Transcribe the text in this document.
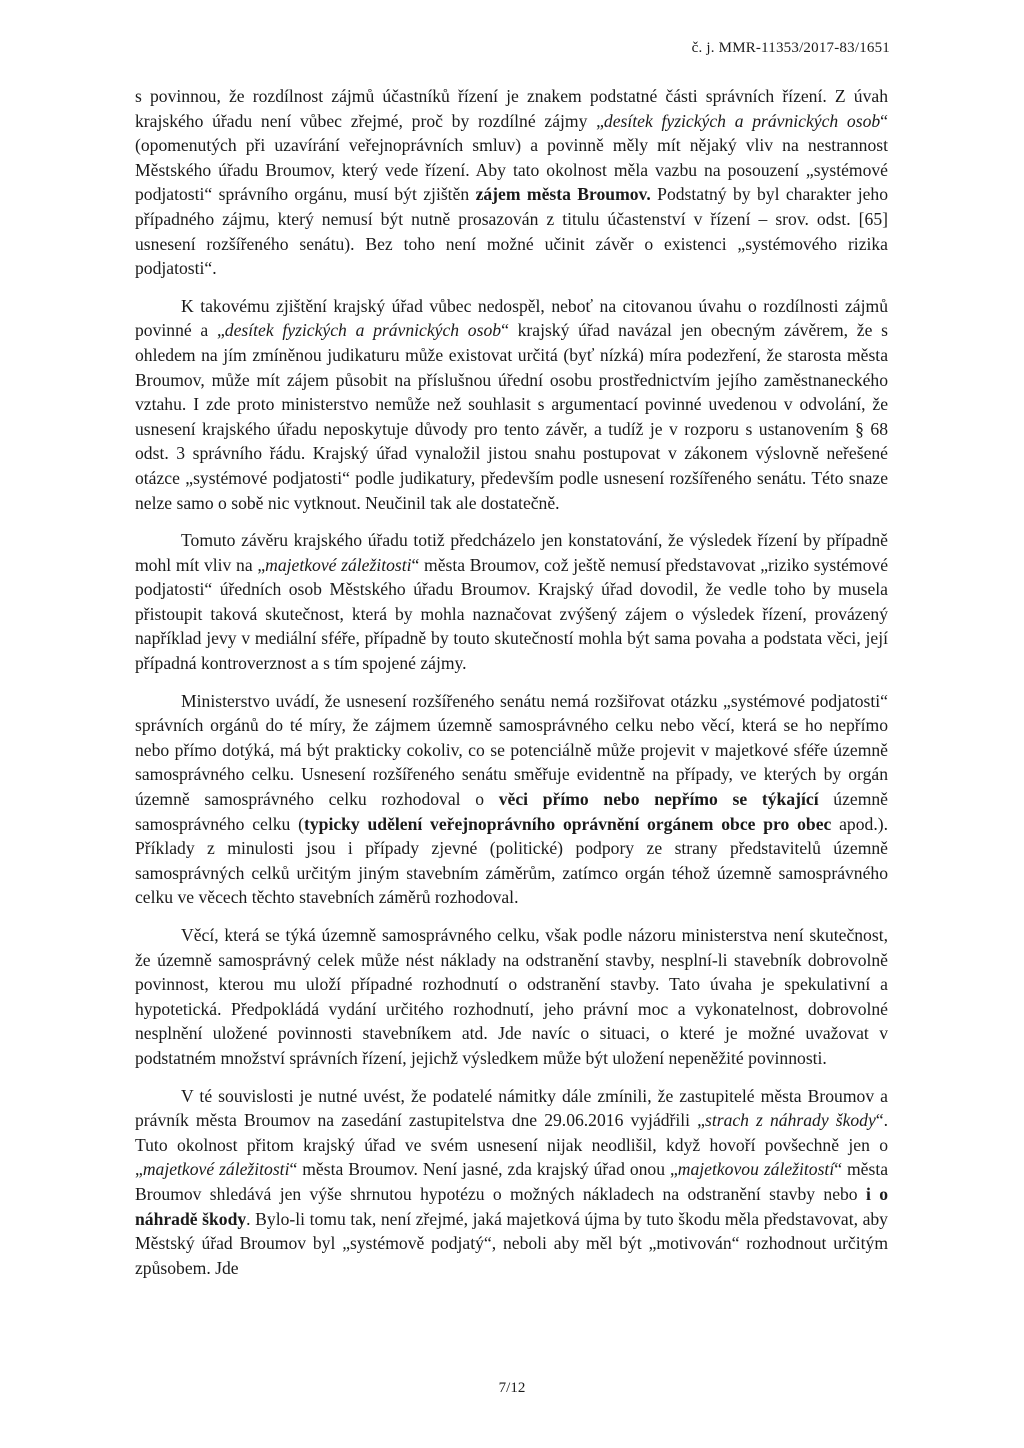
č. j. MMR-11353/2017-83/1651

s povinnou, že rozdílnost zájmů účastníků řízení je znakem podstatné části správních řízení. Z úvah krajského úřadu není vůbec zřejmé, proč by rozdílné zájmy „desítek fyzických a právnických osob“ (opomenutých při uzavírání veřejnoprávních smluv) a povinně měly mít nějaký vliv na nestrannost Městského úřadu Broumov, který vede řízení. Aby tato okolnost měla vazbu na posouzení „systémové podjatosti“ správního orgánu, musí být zjištěn zájem města Broumov. Podstatný by byl charakter jeho případného zájmu, který nemusí být nutně prosazován z titulu účastenství v řízení – srov. odst. [65] usnesení rozšířeného senátu). Bez toho není možné učinit závěr o existenci „systémového rizika podjatosti“.

K takovému zjištění krajský úřad vůbec nedospěl, neboť na citovanou úvahu o rozdílnosti zájmů povinné a „desítek fyzických a právnických osob“ krajský úřad navázal jen obecným závěrem, že s ohledem na jím zmíněnou judikaturu může existovat určitá (byť nízká) míra podezření, že starosta města Broumov, může mít zájem působit na příslušnou úřední osobu prostřednictvím jejího zaměstnaneckého vztahu. I zde proto ministerstvo nemůže než souhlasit s argumentací povinné uvedenou v odvolání, že usnesení krajského úřadu neposkytuje důvody pro tento závěr, a tudíž je v rozporu s ustanovením § 68 odst. 3 správního řádu. Krajský úřad vynaložil jistou snahu postupovat v zákonem výslovně neřešené otázce „systémové podjatosti“ podle judikatury, především podle usnesení rozšířeného senátu. Této snaze nelze samo o sobě nic vytknout. Neučinil tak ale dostatečně.

Tomuto závěru krajského úřadu totiž předcházelo jen konstatování, že výsledek řízení by případně mohl mít vliv na „majetkové záležitosti“ města Broumov, což ještě nemusí představovat „riziko systémové podjatosti“ úředních osob Městského úřadu Broumov. Krajský úřad dovodil, že vedle toho by musela přistoupit taková skutečnost, která by mohla naznačovat zvýšený zájem o výsledek řízení, provázený například jevy v mediální sféře, případně by touto skutečností mohla být sama povaha a podstata věci, její případná kontroverznost a s tím spojené zájmy.

Ministerstvo uvádí, že usnesení rozšířeného senátu nemá rozšiřovat otázku „systémové podjatosti“ správních orgánů do té míry, že zájmem územně samosprávného celku nebo věcí, která se ho nepřímo nebo přímo dotýká, má být prakticky cokoliv, co se potenciálně může projevit v majetkové sféře územně samosprávného celku. Usnesení rozšířeného senátu směřuje evidentně na případy, ve kterých by orgán územně samosprávného celku rozhodoval o věci přímo nebo nepřímo se týkající územně samosprávného celku (typicky udělení veřejnoprávního oprávnění orgánem obce pro obec apod.). Příklady z minulosti jsou i případy zjevné (politické) podpory ze strany představitelů územně samosprávných celků určitým jiným stavebním záměrům, zatímco orgán téhož územně samosprávného celku ve věcech těchto stavebních záměrů rozhodoval.

Věcí, která se týká územně samosprávného celku, však podle názoru ministerstva není skutečnost, že územně samosprávný celek může nést náklady na odstranění stavby, nesplní-li stavebník dobrovolně povinnost, kterou mu uloží případné rozhodnutí o odstranění stavby. Tato úvaha je spekulativní a hypotetická. Předpokládá vydání určitého rozhodnutí, jeho právní moc a vykonatelnost, dobrovolné nesplnění uložené povinnosti stavebníkem atd. Jde navíc o situaci, o které je možné uvažovat v podstatném množství správních řízení, jejichž výsledkem může být uložení nepeněžité povinnosti.

V té souvislosti je nutné uvést, že podatelé námitky dále zmínili, že zastupitelé města Broumov a právník města Broumov na zasedání zastupitelstva dne 29.06.2016 vyjádřili „strach z náhrady škody“. Tuto okolnost přitom krajský úřad ve svém usnesení nijak neodlišil, když hovoří povšechně jen o „majetkové záležitosti“ města Broumov. Není jasné, zda krajský úřad onou „majetkovou záležitostí“ města Broumov shledává jen výše shrnutou hypotézu o možných nákladech na odstranění stavby nebo i o náhradě škody. Bylo-li tomu tak, není zřejmé, jaká majetková újma by tuto škodu měla představovat, aby Městský úřad Broumov byl „systémově podjatý“, neboli aby měl být „motivován“ rozhodnout určitým způsobem. Jde

7/12
